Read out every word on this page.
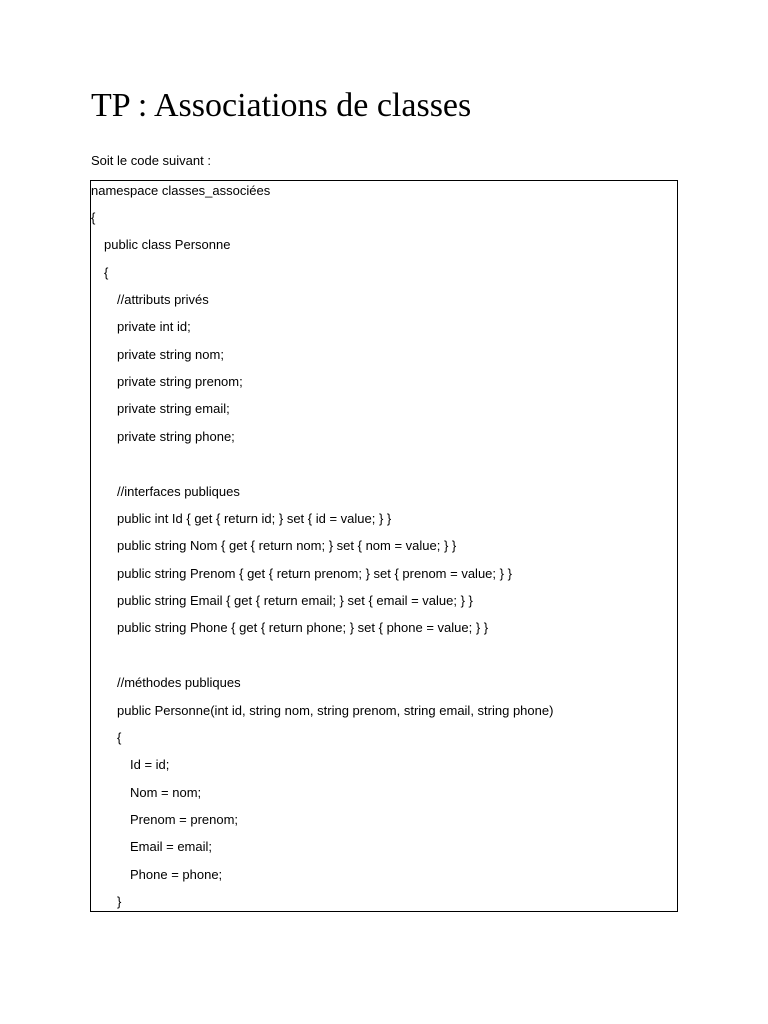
TP : Associations de classes
Soit le code suivant :
namespace classes_associées
{
public class Personne
{
//attributs privés
private int id;
private string nom;
private string prenom;
private string email;
private string phone;
//interfaces publiques
public int Id { get { return id; } set { id = value; } }
public string Nom { get { return nom; } set { nom = value; } }
public string Prenom { get { return prenom; } set { prenom = value; } }
public string Email { get { return email; } set { email = value; } }
public string Phone { get { return phone; } set { phone = value; } }
//méthodes publiques
public Personne(int id, string nom, string prenom, string email, string phone)
{
Id = id;
Nom = nom;
Prenom = prenom;
Email = email;
Phone = phone;
}
